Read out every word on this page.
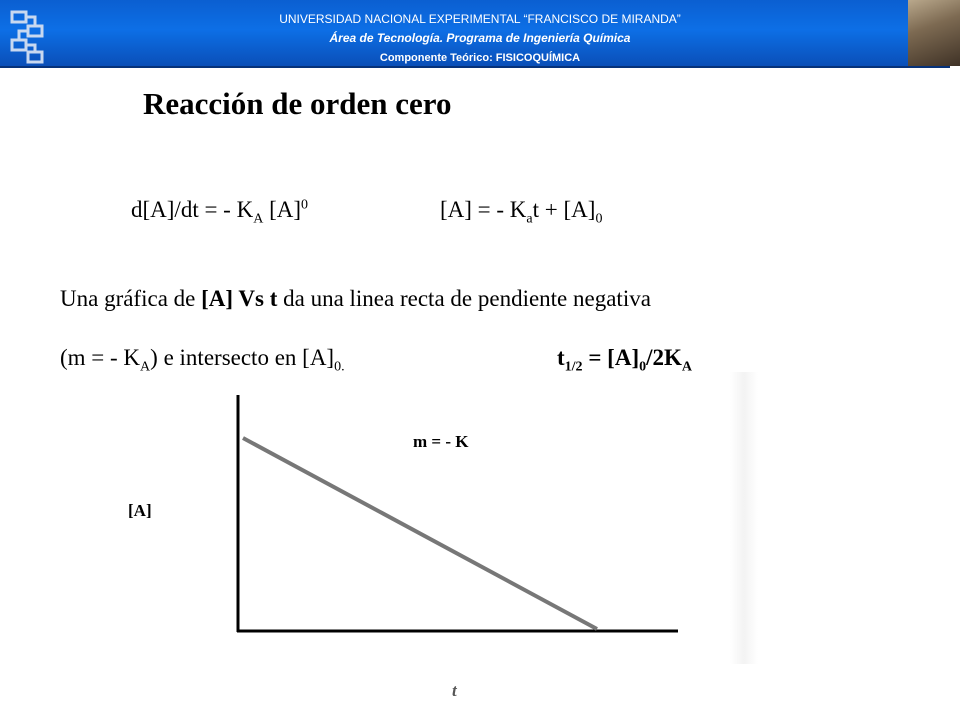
UNIVERSIDAD NACIONAL EXPERIMENTAL “FRANCISCO DE MIRANDA”
Área de Tecnología. Programa de Ingeniería Química
Componente Teórico: FISICOQUÍMICA
Reacción de orden cero
d[A]/dt = - $K_A$ $[A]^0$	[A] = - $K_at + [A]_0$
Una gráfica de [A] Vs t da una linea recta de pendiente negativa
(m = - $K_A$) e intersecto en $[A]_{0.}$	$t_{1/2} = [A]_0/2K_A$
m = - K
[A]
t
